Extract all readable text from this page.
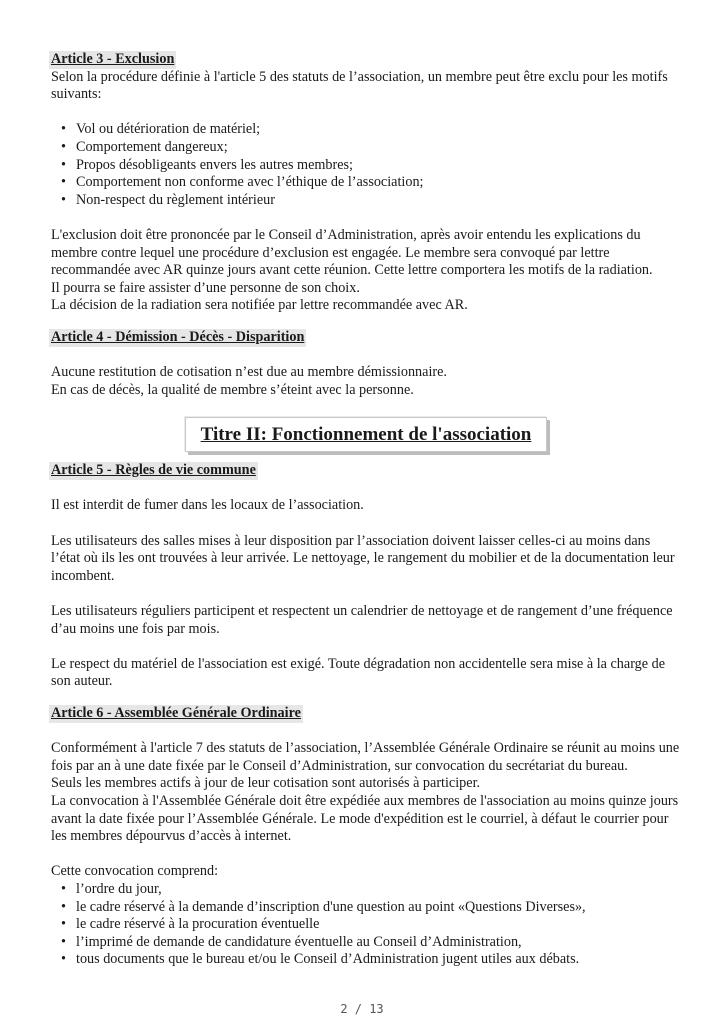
Article 3 - Exclusion

Selon la procédure définie à l'article 5 des statuts de l’association, un membre peut être exclu pour les motifs suivants:

• Vol ou détérioration de matériel;
• Comportement dangereux;
• Propos désobligeants envers les autres membres;
• Comportement non conforme avec l’éthique de l’association;
• Non-respect du règlement intérieur

L'exclusion doit être prononcée par le Conseil d’Administration, après avoir entendu les explications du membre contre lequel une procédure d’exclusion est engagée. Le membre sera convoqué par lettre recommandée avec AR quinze jours avant cette réunion. Cette lettre comportera les motifs de la radiation.

Il pourra se faire assister d’une personne de son choix.

La décision de la radiation sera notifiée par lettre recommandée avec AR.

Article 4 - Démission - Décès - Disparition

Aucune restitution de cotisation n’est due au membre démissionnaire.

En cas de décès, la qualité de membre s’éteint avec la personne.

Titre II: Fonctionnement de l'association
Article 5 - Règles de vie commune

Il est interdit de fumer dans les locaux de l’association.

Les utilisateurs des salles mises à leur disposition par l’association doivent laisser celles-ci au moins dans l’état où ils les ont trouvées à leur arrivée. Le nettoyage, le rangement du mobilier et de la documentation leur incombent.

Les utilisateurs réguliers participent et respectent un calendrier de nettoyage et de rangement d’une fréquence d’au moins une fois par mois.

Le respect du matériel de l'association est exigé. Toute dégradation non accidentelle sera mise à la charge de son auteur.

Article 6 - Assemblée Générale Ordinaire

Conformément à l'article 7 des statuts de l’association, l’Assemblée Générale Ordinaire se réunit au moins une fois par an à une date fixée par le Conseil d’Administration, sur convocation du secrétariat du bureau.

Seuls les membres actifs à jour de leur cotisation sont autorisés à participer.

La convocation à l'Assemblée Générale doit être expédiée aux membres de l'association au moins quinze jours avant la date fixée pour l’Assemblée Générale. Le mode d'expédition est le courriel, à défaut le courrier pour les membres dépourvus d’accès à internet.

Cette convocation comprend:

• l’ordre du jour,
• le cadre réservé à la demande d’inscription d'une question au point «Questions Diverses»,
• le cadre réservé à la procuration éventuelle
• l’imprimé de demande de candidature éventuelle au Conseil d’Administration,
• tous documents que le bureau et/ou le Conseil d’Administration jugent utiles aux débats.
2 / 13
